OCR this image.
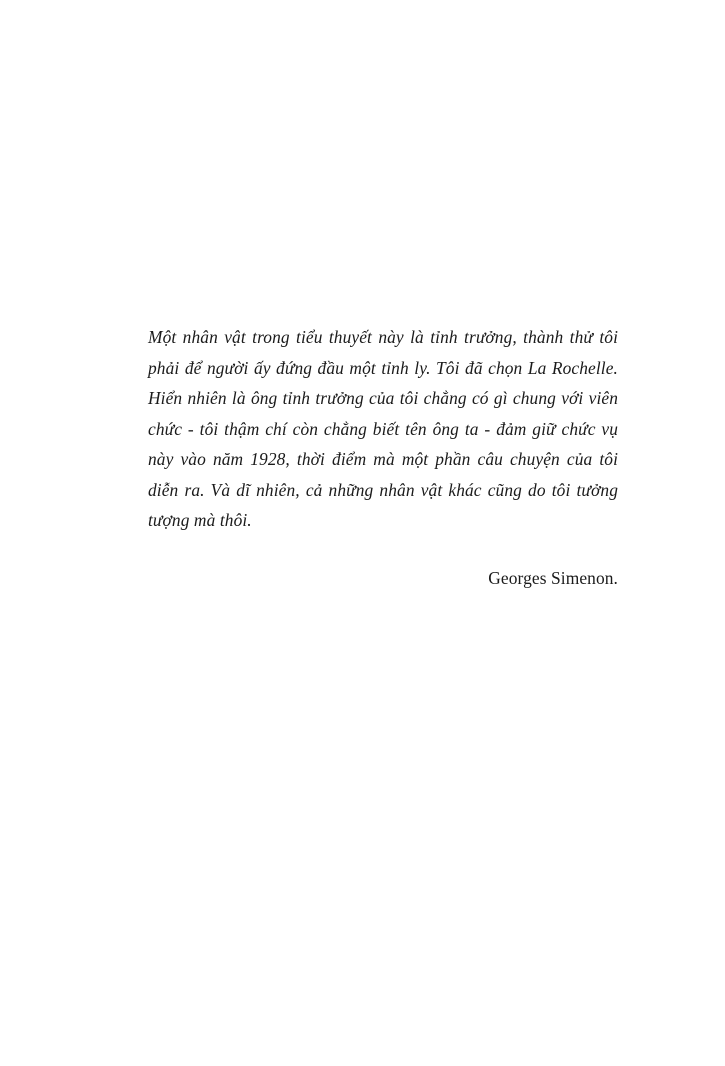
Một nhân vật trong tiểu thuyết này là tỉnh trưởng, thành thử tôi phải để người ấy đứng đầu một tỉnh ly. Tôi đã chọn La Rochelle. Hiển nhiên là ông tỉnh trưởng của tôi chẳng có gì chung với viên chức - tôi thậm chí còn chẳng biết tên ông ta - đảm giữ chức vụ này vào năm 1928, thời điểm mà một phần câu chuyện của tôi diễn ra. Và dĩ nhiên, cả những nhân vật khác cũng do tôi tưởng tượng mà thôi.

Georges Simenon.
